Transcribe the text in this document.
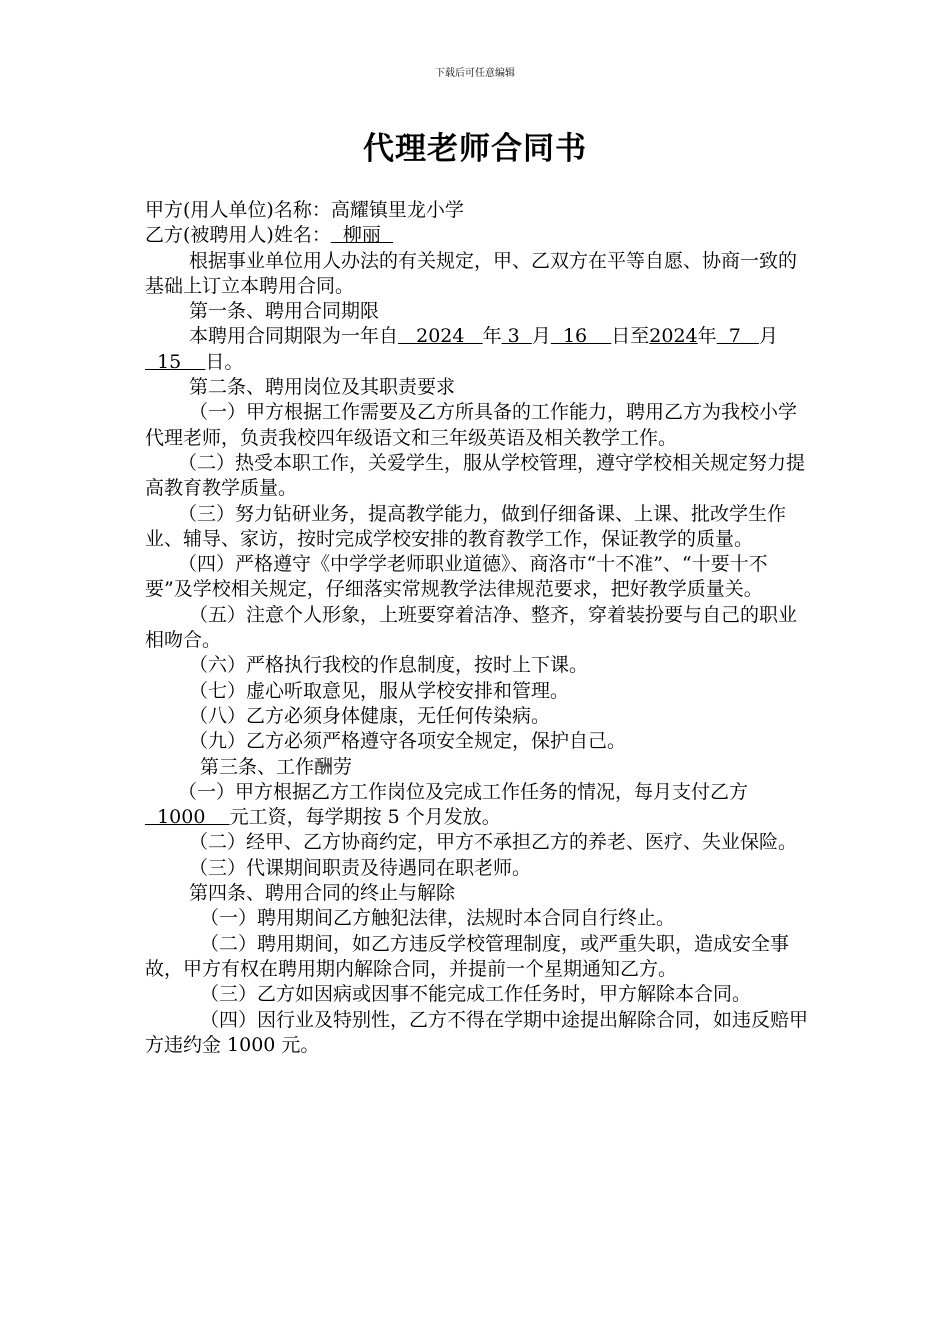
下载后可任意编辑
代理老师合同书

甲方(用人单位)名称：高耀镇里龙小学

乙方(被聘用人)姓名：  柳丽

根据事业单位用人办法的有关规定，甲、乙双方在平等自愿、协商一致的基础上订立本聘用合同。

第一条、聘用合同期限

本聘用合同期限为一年自   2024   年 3  月  16    日至2024年  7   月  15    日。

第二条、聘用岗位及其职责要求

（一）甲方根据工作需要及乙方所具备的工作能力，聘用乙方为我校小学代理老师，负责我校四年级语文和三年级英语及相关教学工作。

（二）热受本职工作，关爱学生，服从学校管理，遵守学校相关规定努力提高教育教学质量。

（三）努力钻研业务，提高教学能力，做到仔细备课、上课、批改学生作业、辅导、家访，按时完成学校安排的教育教学工作，保证教学的质量。

（四）严格遵守《中学学老师职业道德》、商洛市“十不准”、“十要十不要”及学校相关规定，仔细落实常规教学法律规范要求，把好教学质量关。

（五）注意个人形象，上班要穿着洁净、整齐，穿着装扮要与自己的职业相吻合。

（六）严格执行我校的作息制度，按时上下课。

（七）虚心听取意见，服从学校安排和管理。

（八）乙方必须身体健康，无任何传染病。

（九）乙方必须严格遵守各项安全规定，保护自己。

第三条、工作酬劳

（一）甲方根据乙方工作岗位及完成工作任务的情况，每月支付乙方  1000    元工资，每学期按 5 个月发放。

（二）经甲、乙方协商约定，甲方不承担乙方的养老、医疗、失业保险。

（三）代课期间职责及待遇同在职老师。

第四条、聘用合同的终止与解除

（一）聘用期间乙方触犯法律，法规时本合同自行终止。

（二）聘用期间，如乙方违反学校管理制度，或严重失职，造成安全事故，甲方有权在聘用期内解除合同，并提前一个星期通知乙方。

（三）乙方如因病或因事不能完成工作任务时，甲方解除本合同。

（四）因行业及特别性，乙方不得在学期中途提出解除合同，如违反赔甲方违约金 1000 元。
